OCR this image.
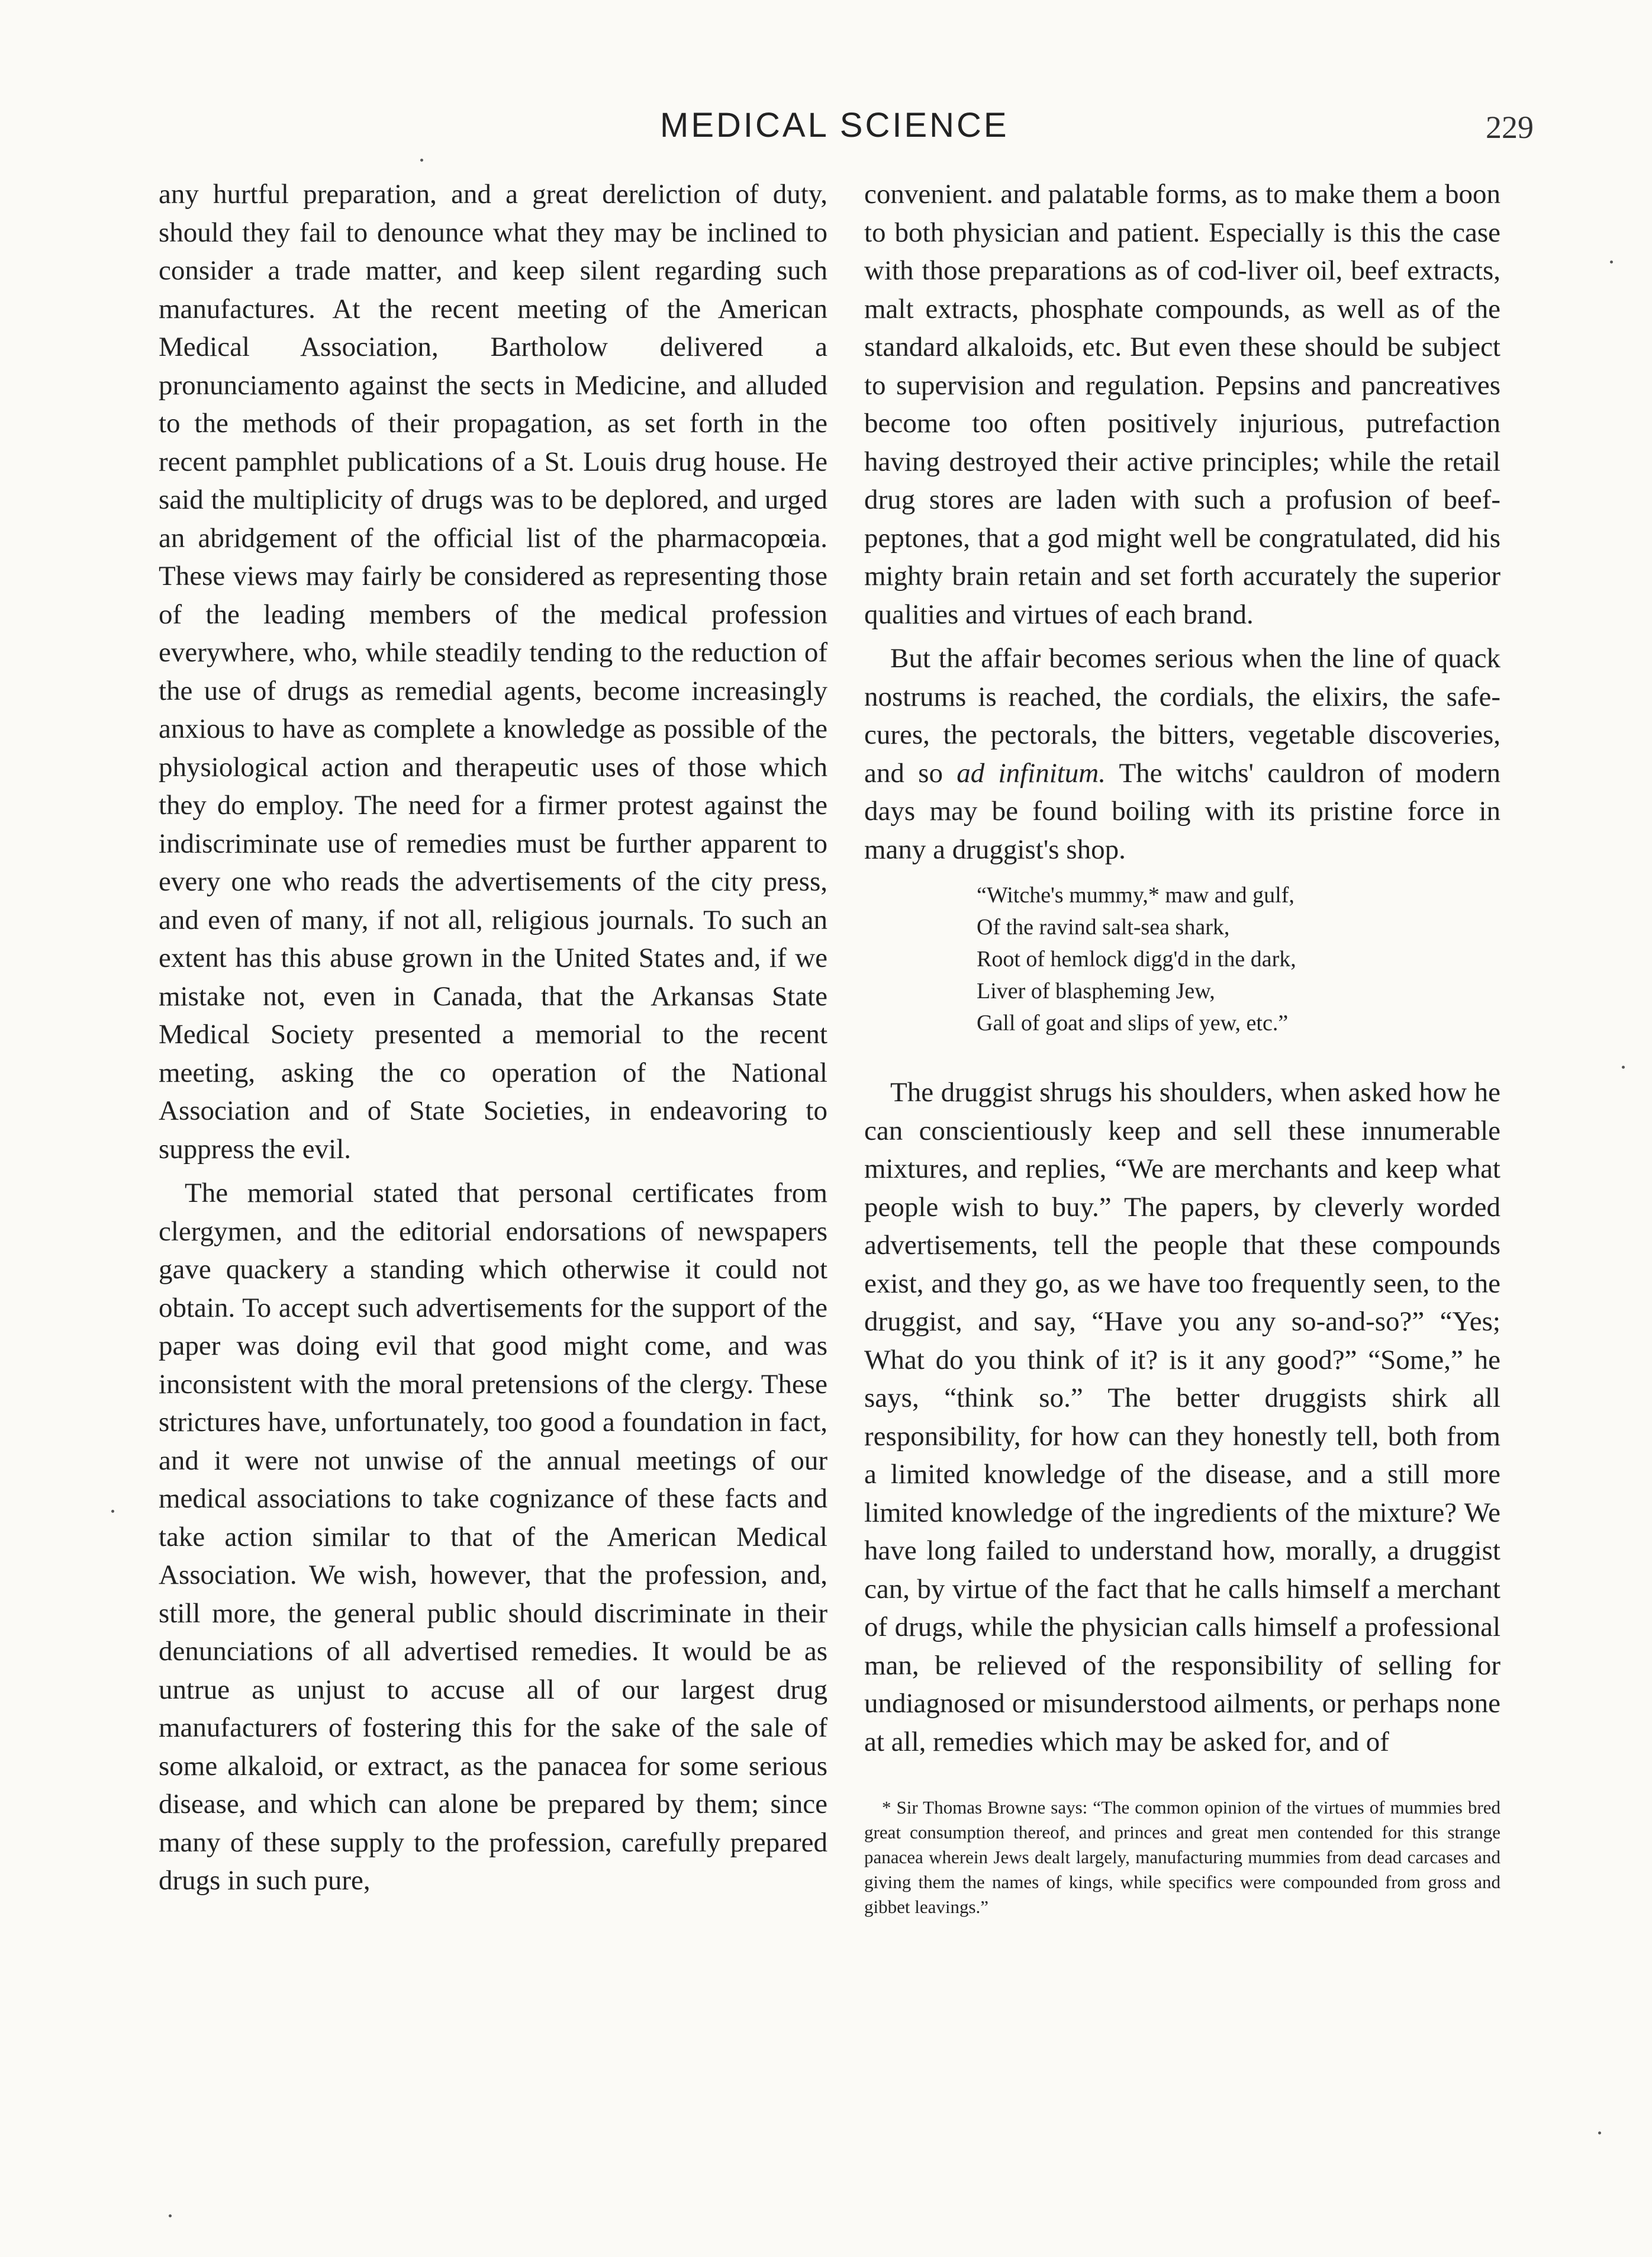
MEDICAL SCIENCE	229

any hurtful preparation, and a great dereliction of duty, should they fail to denounce what they may be inclined to consider a trade matter, and keep silent regarding such manufactures. At the recent meeting of the American Medical Association, Bartholow delivered a pronunciamento against the sects in Medicine, and alluded to the methods of their propagation, as set forth in the recent pamphlet publications of a St. Louis drug house. He said the multiplicity of drugs was to be deplored, and urged an abridgement of the official list of the pharmacopœia. These views may fairly be considered as representing those of the leading members of the medical profession everywhere, who, while steadily tending to the reduction of the use of drugs as remedial agents, become increasingly anxious to have as complete a knowledge as possible of the physiological action and therapeutic uses of those which they do employ. The need for a firmer protest against the indiscriminate use of remedies must be further apparent to every one who reads the advertisements of the city press, and even of many, if not all, religious journals. To such an extent has this abuse grown in the United States and, if we mistake not, even in Canada, that the Arkansas State Medical Society presented a memorial to the recent meeting, asking the co operation of the National Association and of State Societies, in endeavoring to suppress the evil.

The memorial stated that personal certificates from clergymen, and the editorial endorsations of newspapers gave quackery a standing which otherwise it could not obtain. To accept such advertisements for the support of the paper was doing evil that good might come, and was inconsistent with the moral pretensions of the clergy. These strictures have, unfortunately, too good a foundation in fact, and it were not unwise of the annual meetings of our medical associations to take cognizance of these facts and take action similar to that of the American Medical Association. We wish, however, that the profession, and, still more, the general public should discriminate in their denunciations of all advertised remedies. It would be as untrue as unjust to accuse all of our largest drug manufacturers of fostering this for the sake of the sale of some alkaloid, or extract, as the panacea for some serious disease, and which can alone be prepared by them; since many of these supply to the profession, carefully prepared drugs in such pure,

convenient. and palatable forms, as to make them a boon to both physician and patient. Especially is this the case with those preparations as of cod-liver oil, beef extracts, malt extracts, phosphate compounds, as well as of the standard alkaloids, etc. But even these should be subject to supervision and regulation. Pepsins and pancreatives become too often positively injurious, putrefaction having destroyed their active principles; while the retail drug stores are laden with such a profusion of beef-peptones, that a god might well be congratulated, did his mighty brain retain and set forth accurately the superior qualities and virtues of each brand.

But the affair becomes serious when the line of quack nostrums is reached, the cordials, the elixirs, the safe-cures, the pectorals, the bitters, vegetable discoveries, and so ad infinitum. The witchs' cauldron of modern days may be found boiling with its pristine force in many a druggist's shop.

“Witche's mummy,* maw and gulf,
Of the ravind salt-sea shark,
Root of hemlock digg'd in the dark,
Liver of blaspheming Jew,
Gall of goat and slips of yew, etc.”

The druggist shrugs his shoulders, when asked how he can conscientiously keep and sell these innumerable mixtures, and replies, “We are merchants and keep what people wish to buy.” The papers, by cleverly worded advertisements, tell the people that these compounds exist, and they go, as we have too frequently seen, to the druggist, and say, “Have you any so-and-so?” “Yes; What do you think of it? is it any good?” “Some,” he says, “think so.” The better druggists shirk all responsibility, for how can they honestly tell, both from a limited knowledge of the disease, and a still more limited knowledge of the ingredients of the mixture? We have long failed to understand how, morally, a druggist can, by virtue of the fact that he calls himself a merchant of drugs, while the physician calls himself a professional man, be relieved of the responsibility of selling for undiagnosed or misunderstood ailments, or perhaps none at all, remedies which may be asked for, and of

* Sir Thomas Browne says: “The common opinion of the virtues of mummies bred great consumption thereof, and princes and great men contended for this strange panacea wherein Jews dealt largely, manufacturing mummies from dead carcases and giving them the names of kings, while specifics were compounded from gross and gibbet leavings.”
